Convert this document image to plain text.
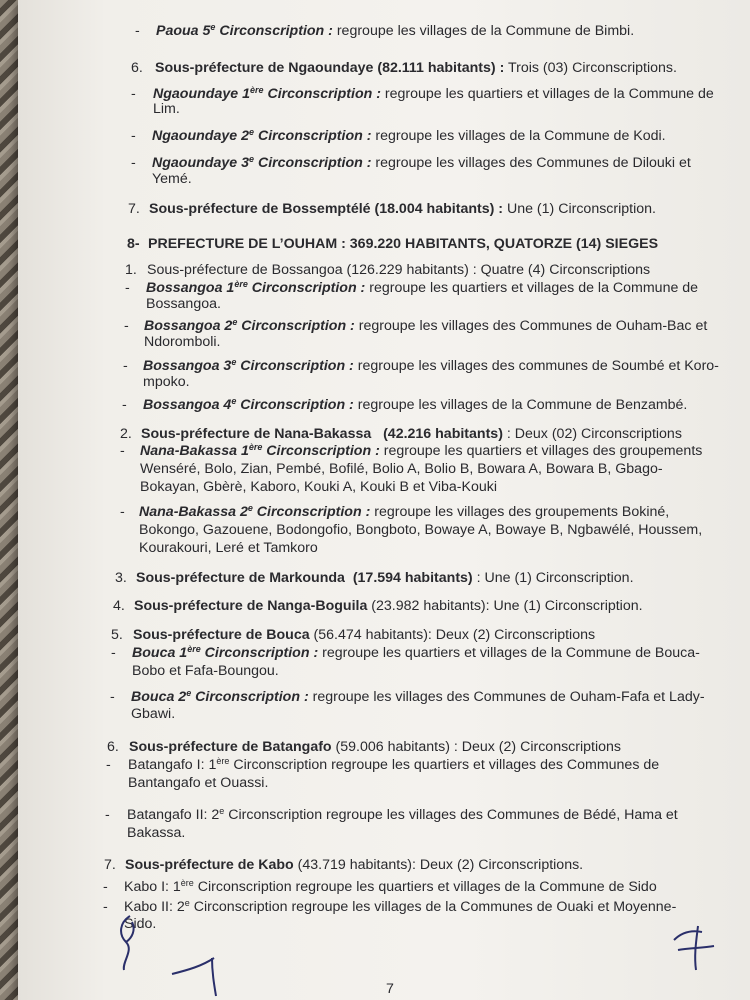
- Paoua 5e Circonscription : regroupe les villages de la Commune de Bimbi.
6. Sous-préfecture de Ngaoundaye (82.111 habitants) : Trois (03) Circonscriptions.
- Ngaoundaye 1ère Circonscription : regroupe les quartiers et villages de la Commune de
Lim.
- Ngaoundaye 2e Circonscription : regroupe les villages de la Commune de Kodi.
- Ngaoundaye 3e Circonscription : regroupe les villages des Communes de Dilouki et
Yemé.
7. Sous-préfecture de Bossemptélé (18.004 habitants) : Une (1) Circonscription.
8- PREFECTURE DE L’OUHAM : 369.220 HABITANTS, QUATORZE (14) SIEGES
1. Sous-préfecture de Bossangoa (126.229 habitants) : Quatre (4) Circonscriptions
- Bossangoa 1ère Circonscription : regroupe les quartiers et villages de la Commune de
Bossangoa.
- Bossangoa 2e Circonscription : regroupe les villages des Communes de Ouham-Bac et
Ndoromboli.
- Bossangoa 3e Circonscription : regroupe les villages des communes de Soumbé et Koro-
mpoko.
- Bossangoa 4e Circonscription : regroupe les villages de la Commune de Benzambé.
2. Sous-préfecture de Nana-Bakassa (42.216 habitants) : Deux (02) Circonscriptions
- Nana-Bakassa 1ère Circonscription : regroupe les quartiers et villages des groupements
Wenséré, Bolo, Zian, Pembé, Bofilé, Bolio A, Bolio B, Bowara A, Bowara B, Gbago-
Bokayan, Gbèrè, Kaboro, Kouki A, Kouki B et Viba-Kouki
- Nana-Bakassa 2e Circonscription : regroupe les villages des groupements Bokiné,
Bokongo, Gazouene, Bodongofio, Bongboto, Bowaye A, Bowaye B, Ngbawélé, Houssem,
Kourakouri, Leré et Tamkoro
3. Sous-préfecture de Markounda (17.594 habitants) : Une (1) Circonscription.
4. Sous-préfecture de Nanga-Boguila (23.982 habitants): Une (1) Circonscription.
5. Sous-préfecture de Bouca (56.474 habitants): Deux (2) Circonscriptions
- Bouca 1ère Circonscription : regroupe les quartiers et villages de la Commune de Bouca-
Bobo et Fafa-Boungou.
- Bouca 2e Circonscription : regroupe les villages des Communes de Ouham-Fafa et Lady-
Gbawi.
6. Sous-préfecture de Batangafo (59.006 habitants) : Deux (2) Circonscriptions
- Batangafo I: 1ère Circonscription regroupe les quartiers et villages des Communes de
Bantangafo et Ouassi.
- Batangafo II: 2e Circonscription regroupe les villages des Communes de Bédé, Hama et
Bakassa.
7. Sous-préfecture de Kabo (43.719 habitants): Deux (2) Circonscriptions.
- Kabo I: 1ère Circonscription regroupe les quartiers et villages de la Commune de Sido
- Kabo II: 2e Circonscription regroupe les villages de la Communes de Ouaki et Moyenne-
Sido.
7
